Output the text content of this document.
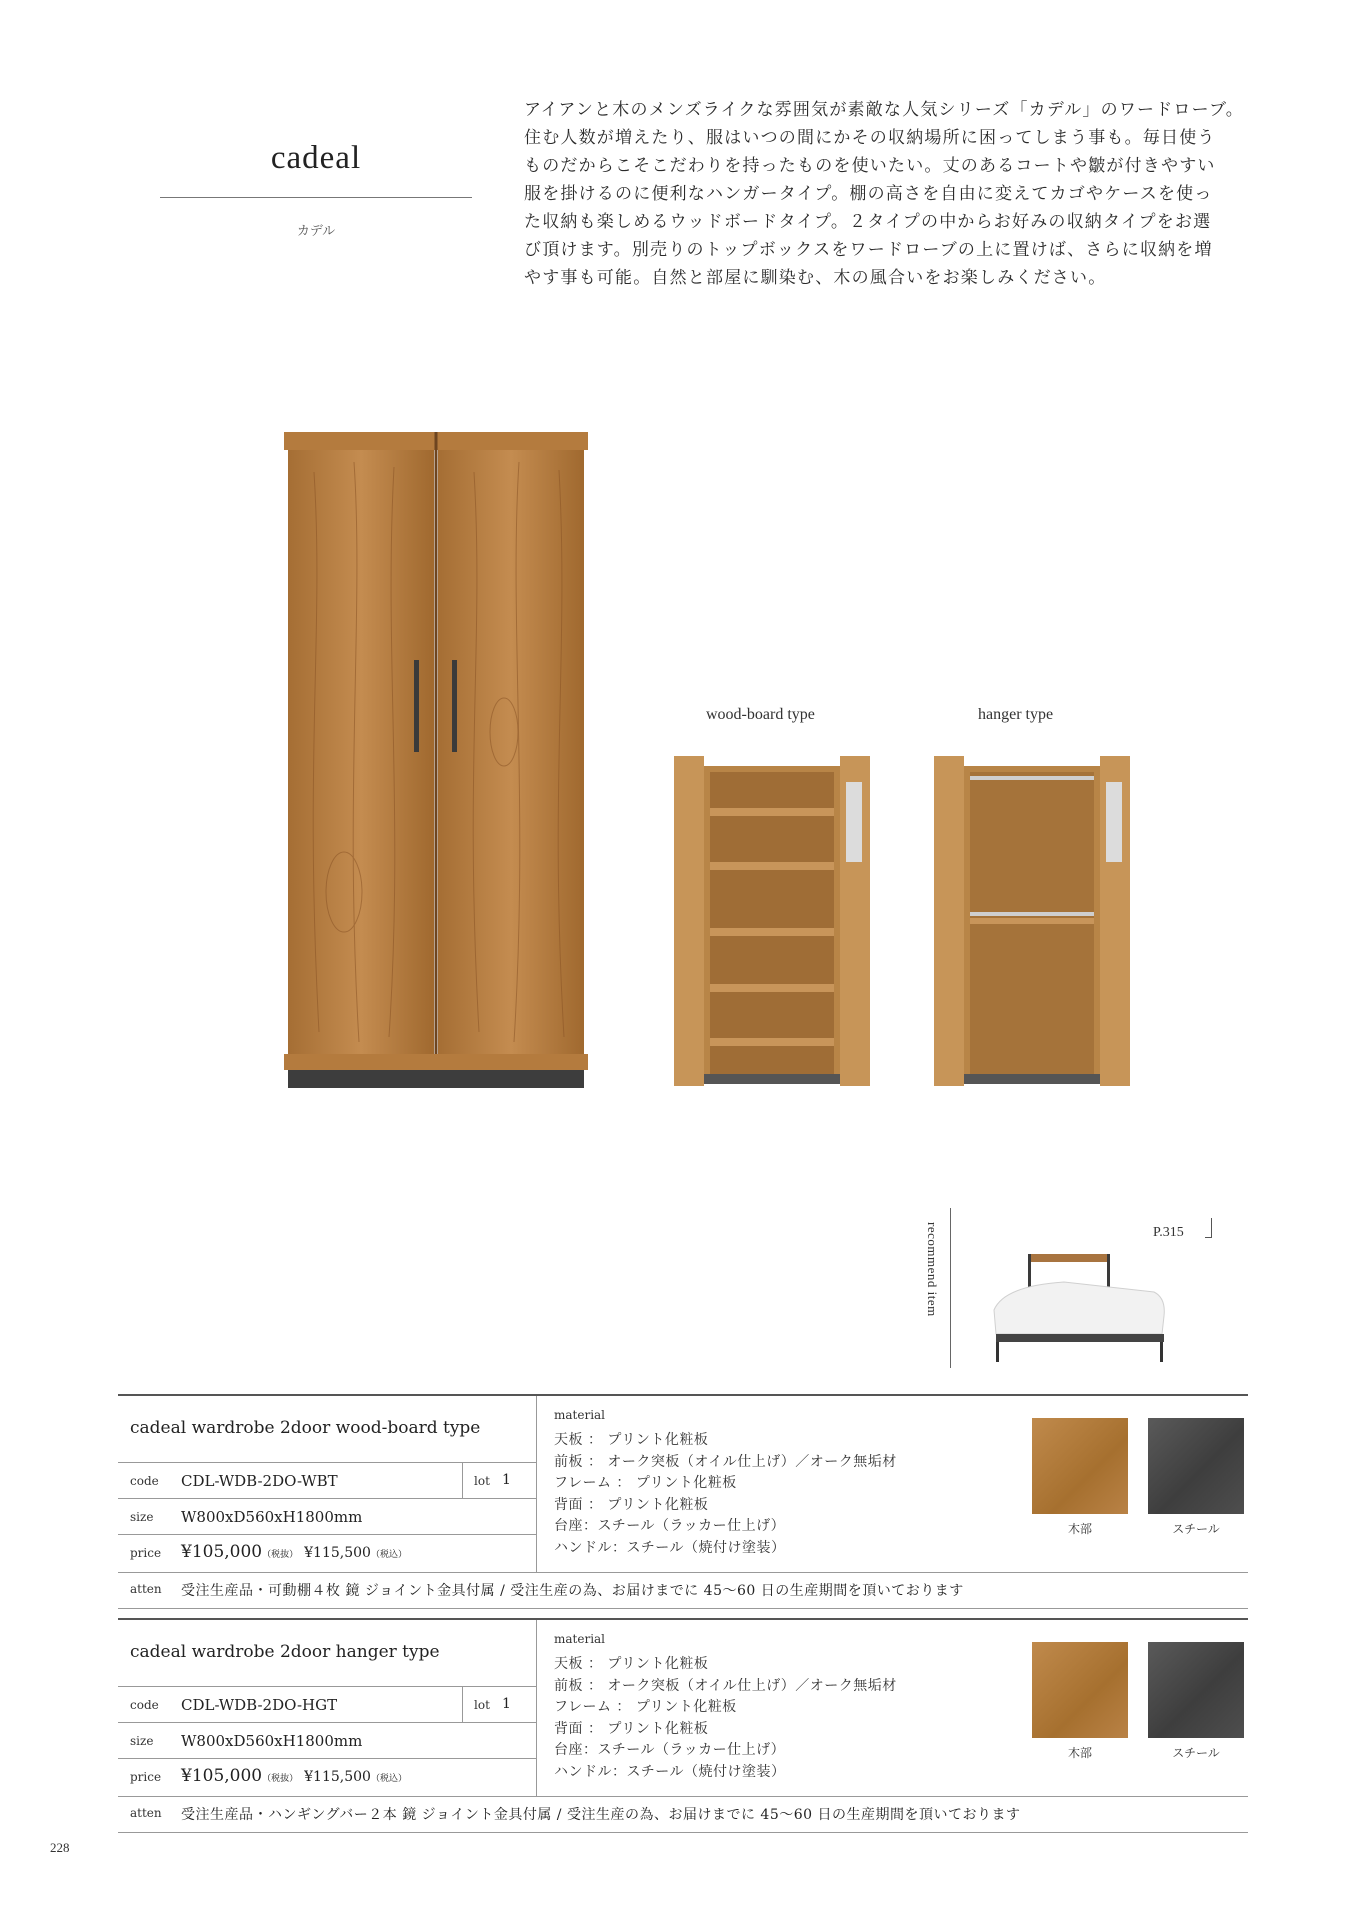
cadeal
カデル
アイアンと木のメンズライクな雰囲気が素敵な人気シリーズ「カデル」のワードローブ。
住む人数が増えたり、服はいつの間にかその収納場所に困ってしまう事も。毎日使う
ものだからこそこだわりを持ったものを使いたい。丈のあるコートや皺が付きやすい
服を掛けるのに便利なハンガータイプ。棚の高さを自由に変えてカゴやケースを使っ
た収納も楽しめるウッドボードタイプ。２タイプの中からお好みの収納タイプをお選
び頂けます。別売りのトップボックスをワードローブの上に置けば、さらに収納を増
やす事も可能。自然と部屋に馴染む、木の風合いをお楽しみください。
wood-board type	hanger type
recommend item	P.315
cadeal wardrobe 2door wood-board type
code CDL-WDB-2DO-WBT	lot 1
size W800xD560xH1800mm
price ¥105,000（税抜） ¥115,500（税込）
material
天板 ： プリント化粧板
前板 ： オーク突板（オイル仕上げ）／オーク無垢材
フレーム ： プリント化粧板
背面 ： プリント化粧板
台座：スチール（ラッカー仕上げ）
ハンドル：スチール（焼付け塗装）
木部	スチール
atten 受注生産品・可動棚４枚 鏡 ジョイント金具付属 / 受注生産の為、お届けまでに 45〜60 日の生産期間を頂いております
cadeal wardrobe 2door hanger type
code CDL-WDB-2DO-HGT	lot 1
size W800xD560xH1800mm
price ¥105,000（税抜） ¥115,500（税込）
material
天板 ： プリント化粧板
前板 ： オーク突板（オイル仕上げ）／オーク無垢材
フレーム ： プリント化粧板
背面 ： プリント化粧板
台座：スチール（ラッカー仕上げ）
ハンドル：スチール（焼付け塗装）
木部	スチール
atten 受注生産品・ハンギングバー２本 鏡 ジョイント金具付属 / 受注生産の為、お届けまでに 45〜60 日の生産期間を頂いております
228
